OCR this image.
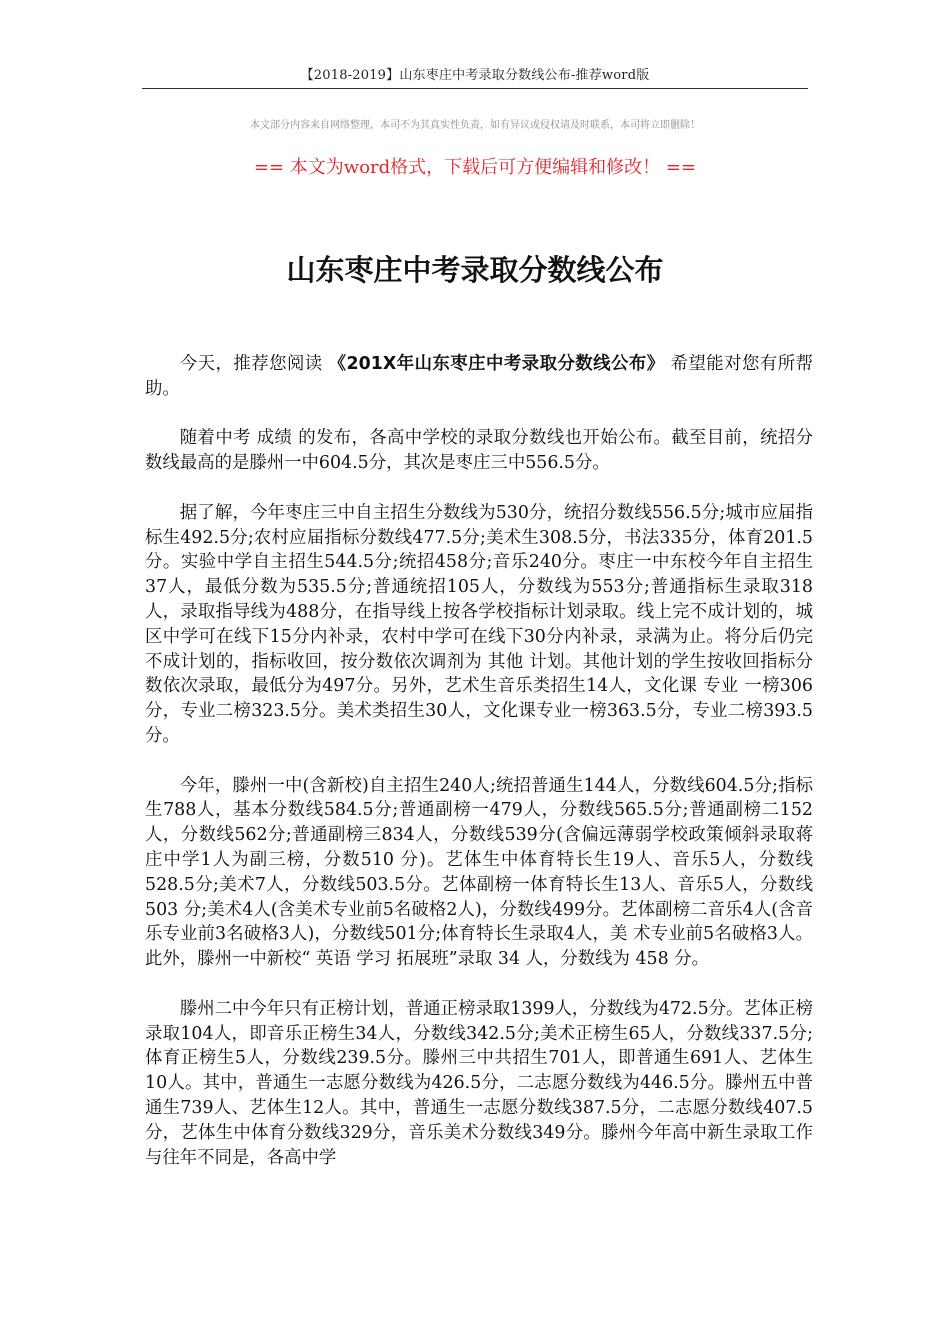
【2018-2019】山东枣庄中考录取分数线公布-推荐word版
本文部分内容来自网络整理，本司不为其真实性负责，如有异议或侵权请及时联系，本司将立即删除！
== 本文为word格式，下载后可方便编辑和修改！ ==
山东枣庄中考录取分数线公布

今天，推荐您阅读 《201X年山东枣庄中考录取分数线公布》 希望能对您有所帮助。

随着中考 成绩 的发布，各高中学校的录取分数线也开始公布。截至目前，统招分数线最高的是滕州一中604.5分，其次是枣庄三中556.5分。

据了解，今年枣庄三中自主招生分数线为530分，统招分数线556.5分;城市应届指标生492.5分;农村应届指标分数线477.5分;美术生308.5分，书法335分，体育201.5分。实验中学自主招生544.5分;统招458分;音乐240分。枣庄一中东校今年自主招生37人，最低分数为535.5分;普通统招105人，分数线为553分;普通指标生录取318人，录取指导线为488分，在指导线上按各学校指标计划录取。线上完不成计划的，城区中学可在线下15分内补录，农村中学可在线下30分内补录，录满为止。将分后仍完不成计划的，指标收回，按分数依次调剂为 其他 计划。其他计划的学生按收回指标分数依次录取，最低分为497分。另外，艺术生音乐类招生14人，文化课 专业 一榜306分，专业二榜323.5分。美术类招生30人，文化课专业一榜363.5分，专业二榜393.5分。

今年，滕州一中(含新校)自主招生240人;统招普通生144人，分数线604.5分;指标生788人，基本分数线584.5分;普通副榜一479人，分数线565.5分;普通副榜二152人，分数线562分;普通副榜三834人，分数线539分(含偏远薄弱学校政策倾斜录取蒋庄中学1人为副三榜，分数510 分)。艺体生中体育特长生19人、音乐5人，分数线528.5分;美术7人，分数线503.5分。艺体副榜一体育特长生13人、音乐5人，分数线503 分;美术4人(含美术专业前5名破格2人)，分数线499分。艺体副榜二音乐4人(含音乐专业前3名破格3人)，分数线501分;体育特长生录取4人，美 术专业前5名破格3人。此外，滕州一中新校“ 英语 学习 拓展班”录取 34 人，分数线为 458 分。

滕州二中今年只有正榜计划，普通正榜录取1399人，分数线为472.5分。艺体正榜录取104人，即音乐正榜生34人，分数线342.5分;美术正榜生65人，分数线337.5分;体育正榜生5人，分数线239.5分。滕州三中共招生701人，即普通生691人、艺体生10人。其中，普通生一志愿分数线为426.5分，二志愿分数线为446.5分。滕州五中普通生739人、艺体生12人。其中，普通生一志愿分数线387.5分，二志愿分数线407.5分，艺体生中体育分数线329分，音乐美术分数线349分。滕州今年高中新生录取工作与往年不同是，各高中学
